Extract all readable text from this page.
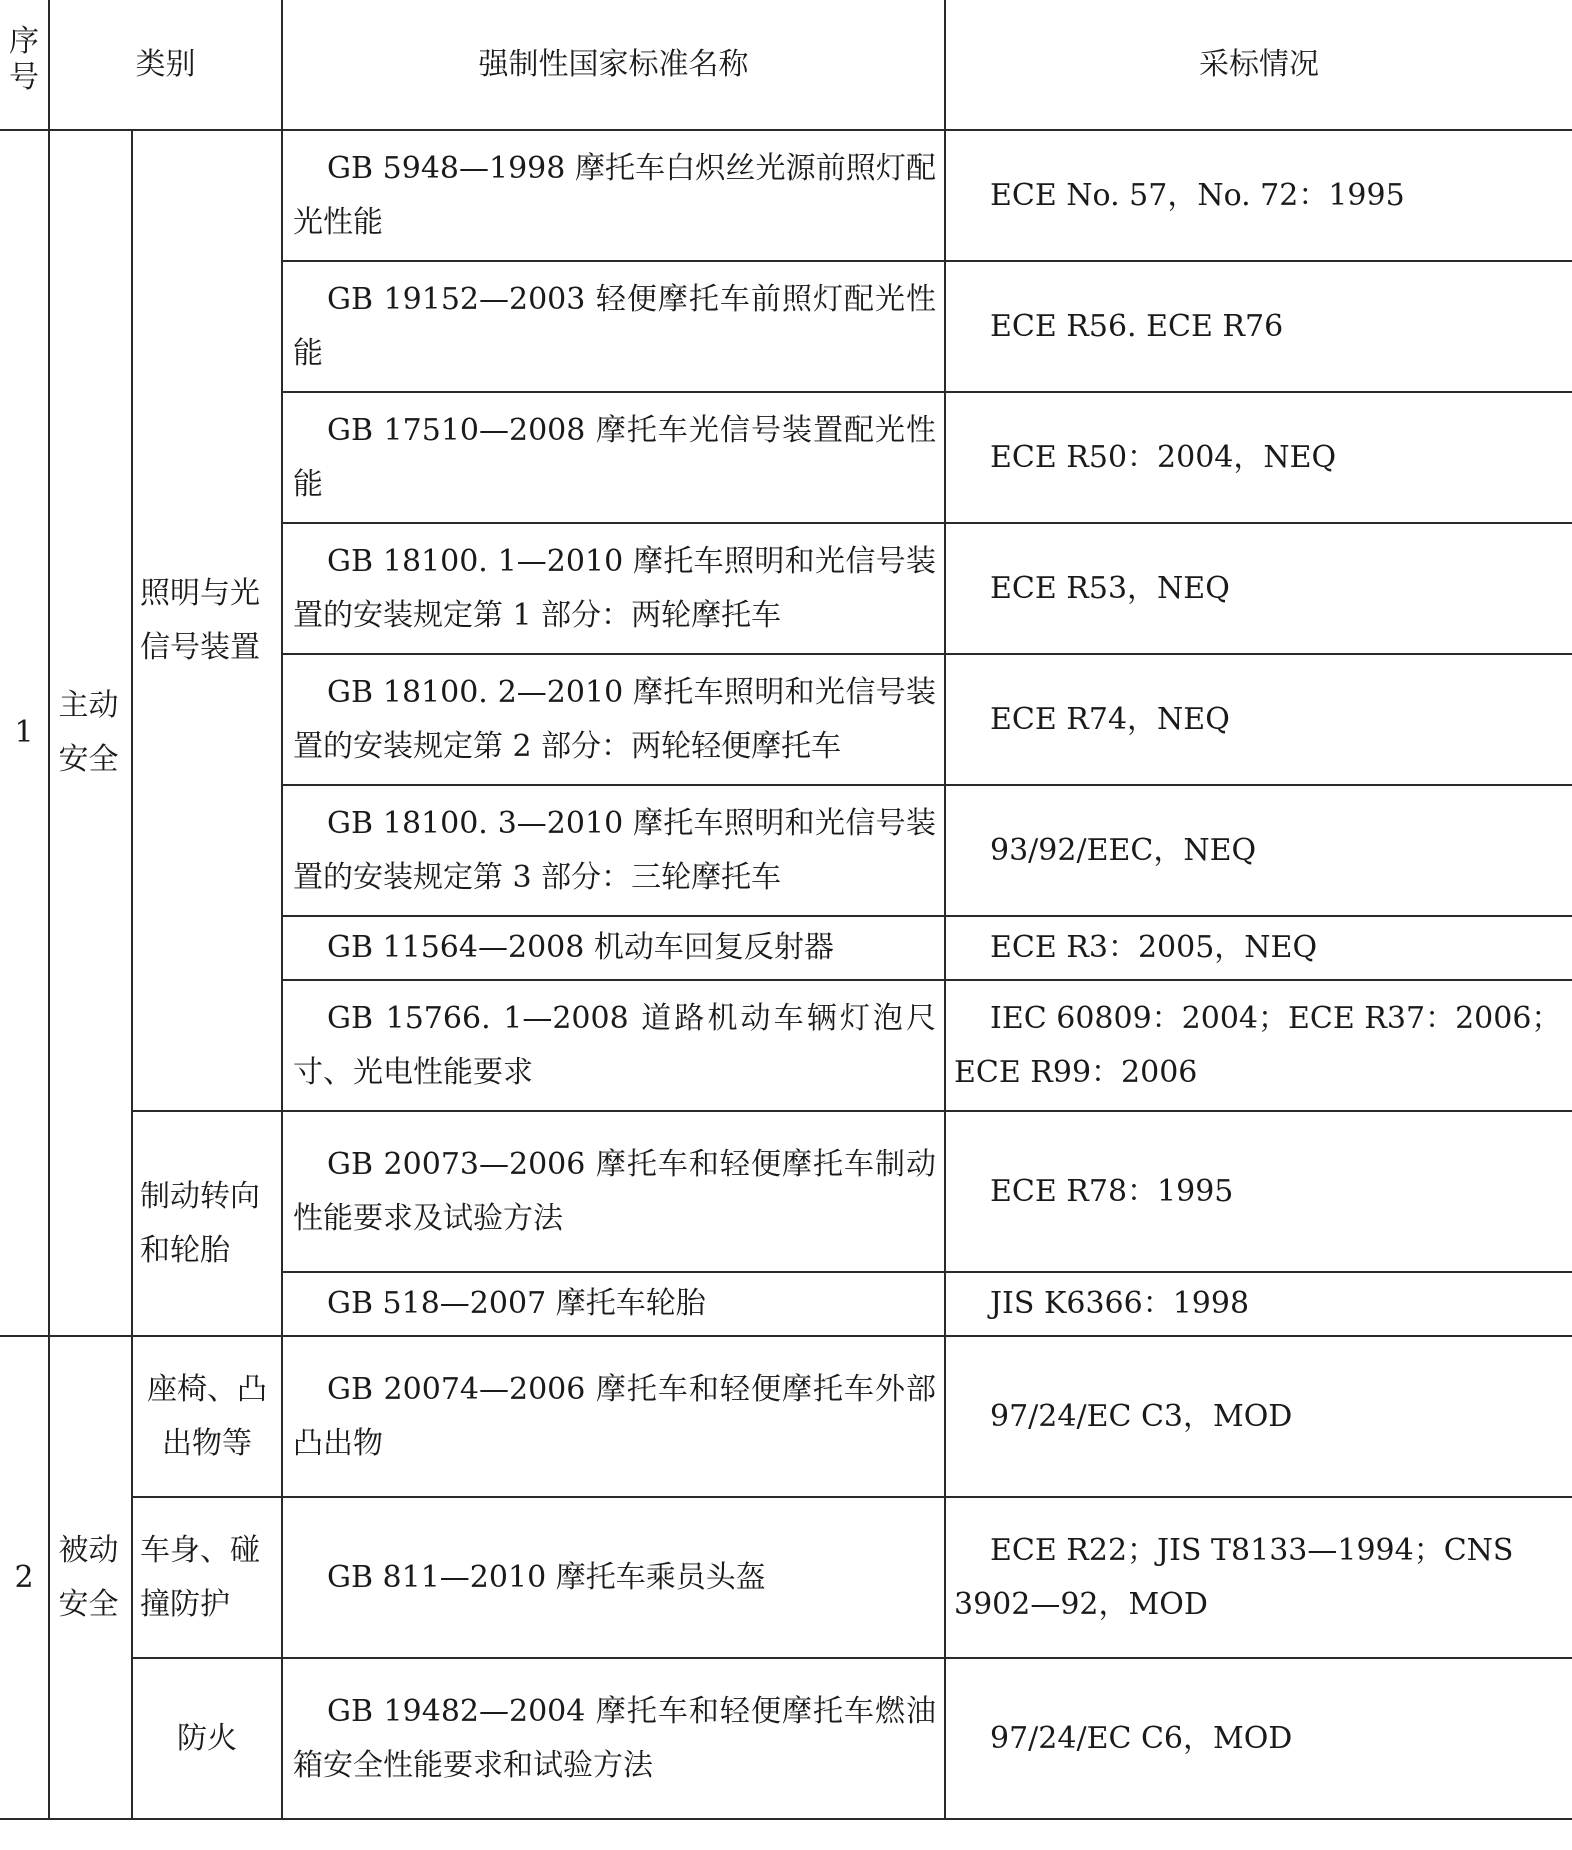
序号	类别		强制性国家标准名称	采标情况
1	主动安全	照明与光信号装置	GB 5948—1998 摩托车白炽丝光源前照灯配光性能	ECE No. 57，No. 72：1995
			GB 19152—2003 轻便摩托车前照灯配光性能	ECE R56. ECE R76
			GB 17510—2008 摩托车光信号装置配光性能	ECE R50：2004，NEQ
			GB 18100. 1—2010 摩托车照明和光信号装置的安装规定第 1 部分：两轮摩托车	ECE R53，NEQ
			GB 18100. 2—2010 摩托车照明和光信号装置的安装规定第 2 部分：两轮轻便摩托车	ECE R74，NEQ
			GB 18100. 3—2010 摩托车照明和光信号装置的安装规定第 3 部分：三轮摩托车	93/92/EEC，NEQ
			GB 11564—2008 机动车回复反射器	ECE R3：2005，NEQ
			GB 15766. 1—2008 道路机动车辆灯泡尺寸、光电性能要求	IEC 60809：2004；ECE R37：2006；ECE R99：2006
		制动转向和轮胎	GB 20073—2006 摩托车和轻便摩托车制动性能要求及试验方法	ECE R78：1995
			GB 518—2007 摩托车轮胎	JIS K6366：1998
2	被动安全	座椅、凸出物等	GB 20074—2006 摩托车和轻便摩托车外部凸出物	97/24/EC C3，MOD
		车身、碰撞防护	GB 811—2010 摩托车乘员头盔	ECE R22；JIS T8133—1994；CNS 3902—92，MOD
		防火	GB 19482—2004 摩托车和轻便摩托车燃油箱安全性能要求和试验方法	97/24/EC C6，MOD
